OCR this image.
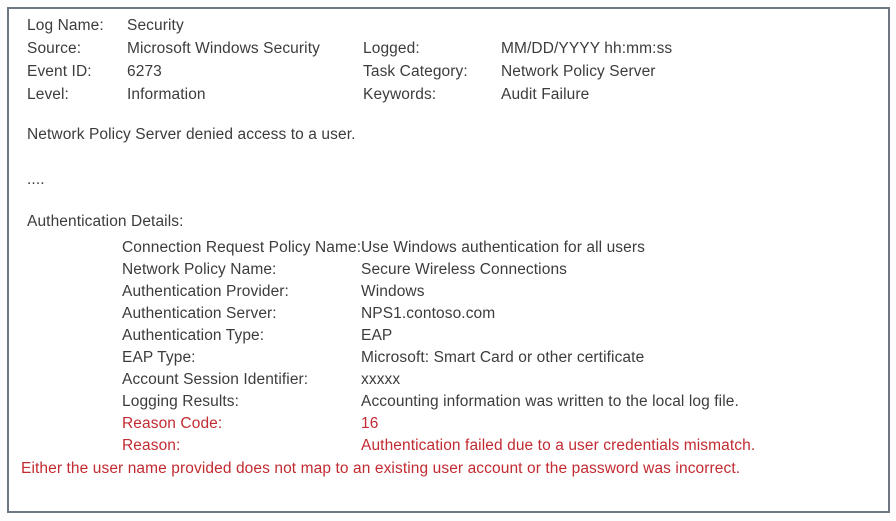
Log Name:	Security
Source:	Microsoft Windows Security	Logged:	MM/DD/YYYY hh:mm:ss
Event ID:	6273	Task Category:	Network Policy Server
Level:	Information	Keywords:	Audit Failure
Network Policy Server denied access to a user.
....
Authentication Details:
Connection Request Policy Name: Use Windows authentication for all users
Network Policy Name:	Secure Wireless Connections
Authentication Provider:	Windows
Authentication Server:	NPS1.contoso.com
Authentication Type:	EAP
EAP Type:	Microsoft: Smart Card or other certificate
Account Session Identifier:	xxxxx
Logging Results:	Accounting information was written to the local log file.
Reason Code:	16
Reason:	Authentication failed due to a user credentials mismatch.
Either the user name provided does not map to an existing user account or the password was incorrect.
